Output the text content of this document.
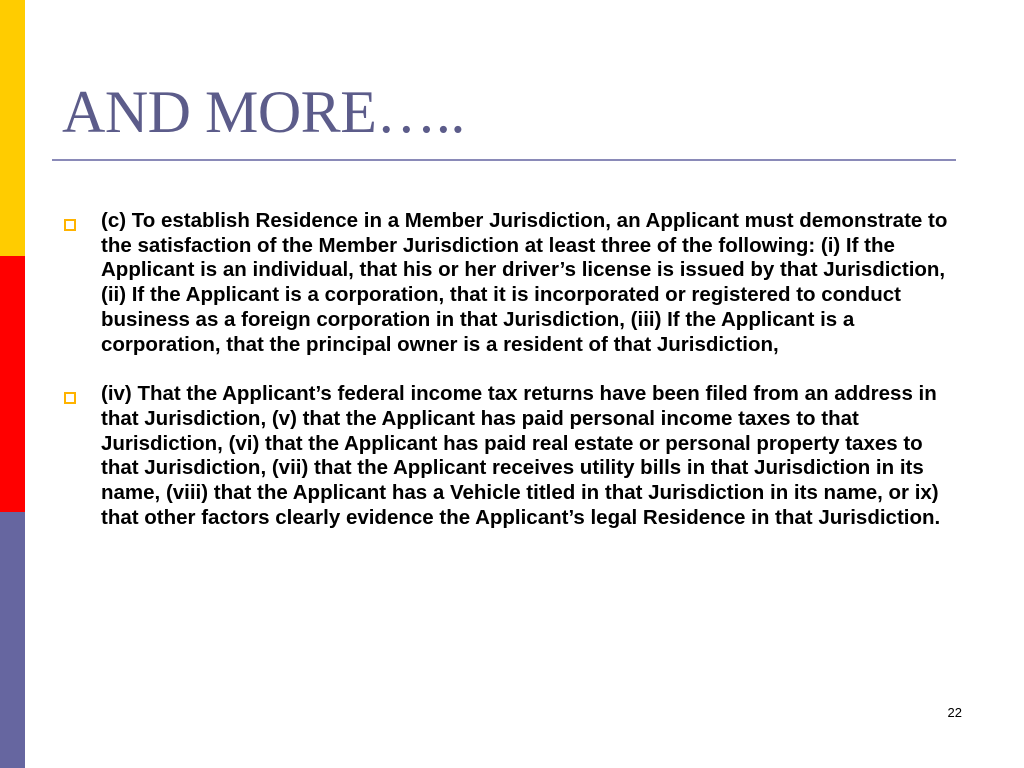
AND MORE…..
(c) To establish Residence in a Member Jurisdiction, an Applicant must demonstrate to the satisfaction of the Member Jurisdiction at least three of the following: (i) If the Applicant is an individual, that his or her driver’s license is issued by that Jurisdiction, (ii) If the Applicant is a corporation, that it is incorporated or registered to conduct business as a foreign corporation in that Jurisdiction, (iii) If the Applicant is a corporation, that the principal owner is a resident of that Jurisdiction,
(iv) That the Applicant’s federal income tax returns have been filed from an address in that Jurisdiction, (v) that the Applicant has paid personal income taxes to that Jurisdiction, (vi) that the Applicant has paid real estate or personal property taxes to that Jurisdiction, (vii) that the Applicant receives utility bills in that Jurisdiction in its name, (viii) that the Applicant has a Vehicle titled in that Jurisdiction in its name, or ix) that other factors clearly evidence the Applicant’s legal Residence in that Jurisdiction.
22
